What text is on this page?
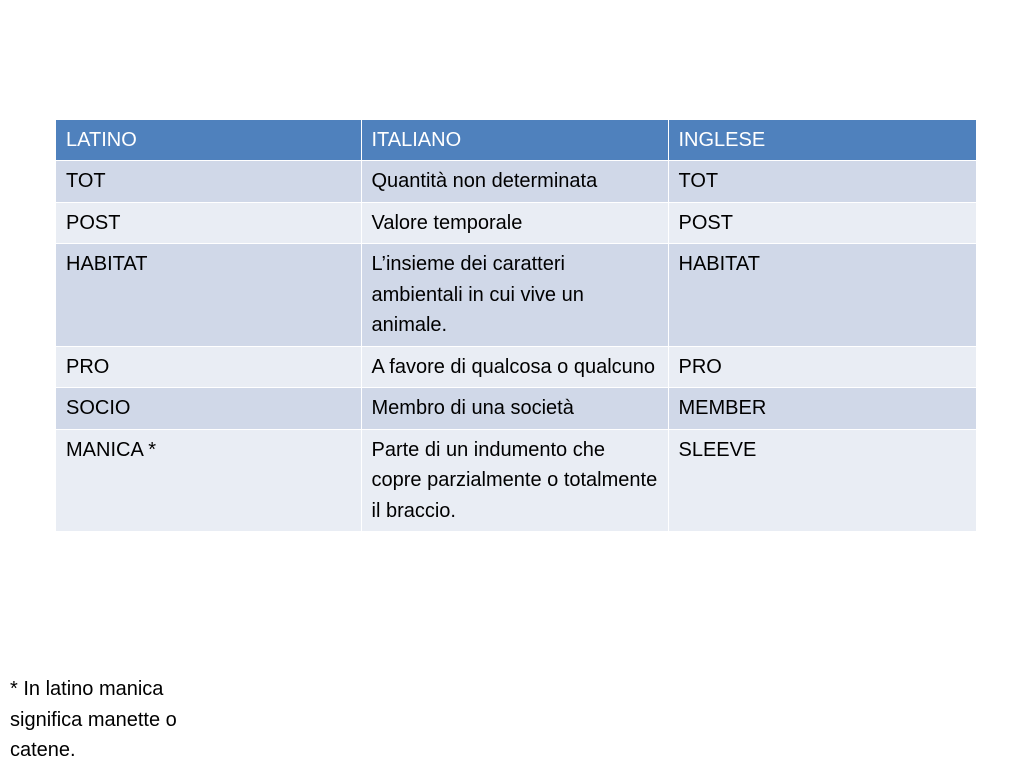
LATINO	ITALIANO	INGLESE
TOT	Quantità non determinata	TOT
POST	Valore temporale	POST
HABITAT	L’insieme dei caratteri ambientali in cui vive un animale.	HABITAT
PRO	A favore di qualcosa o qualcuno	PRO
SOCIO	Membro di una società	MEMBER
MANICA *	Parte di un indumento che copre parzialmente o totalmente il braccio.	SLEEVE
* In latino manica significa manette o catene.
